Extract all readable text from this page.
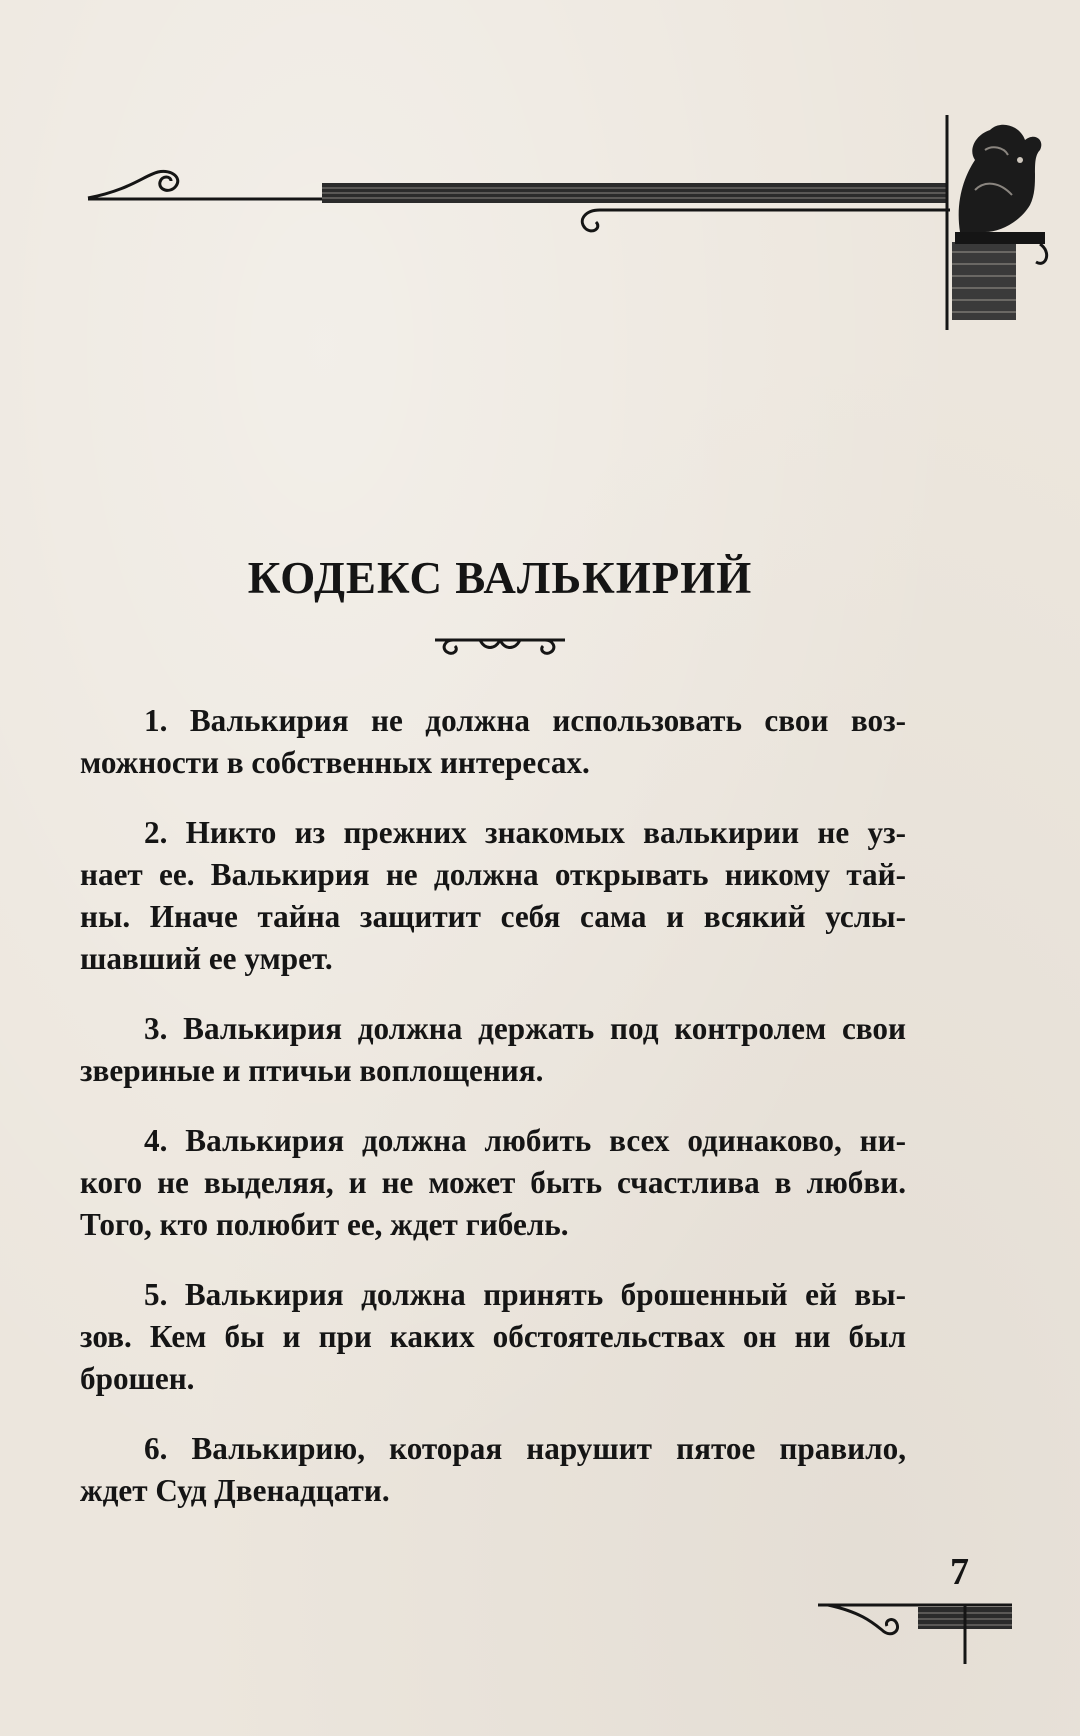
КОДЕКС ВАЛЬКИРИЙ
1. Валькирия не должна использовать свои воз-
можности в собственных интересах.
2. Никто из прежних знакомых валькирии не уз-
нает ее. Валькирия не должна открывать никому тай-
ны. Иначе тайна защитит себя сама и всякий услы-
шавший ее умрет.
3. Валькирия должна держать под контролем свои
звериные и птичьи воплощения.
4. Валькирия должна любить всех одинаково, ни-
кого не выделяя, и не может быть счастлива в любви.
Того, кто полюбит ее, ждет гибель.
5. Валькирия должна принять брошенный ей вы-
зов. Кем бы и при каких обстоятельствах он ни был
брошен.
6. Валькирию, которая нарушит пятое правило,
ждет Суд Двенадцати.
7
